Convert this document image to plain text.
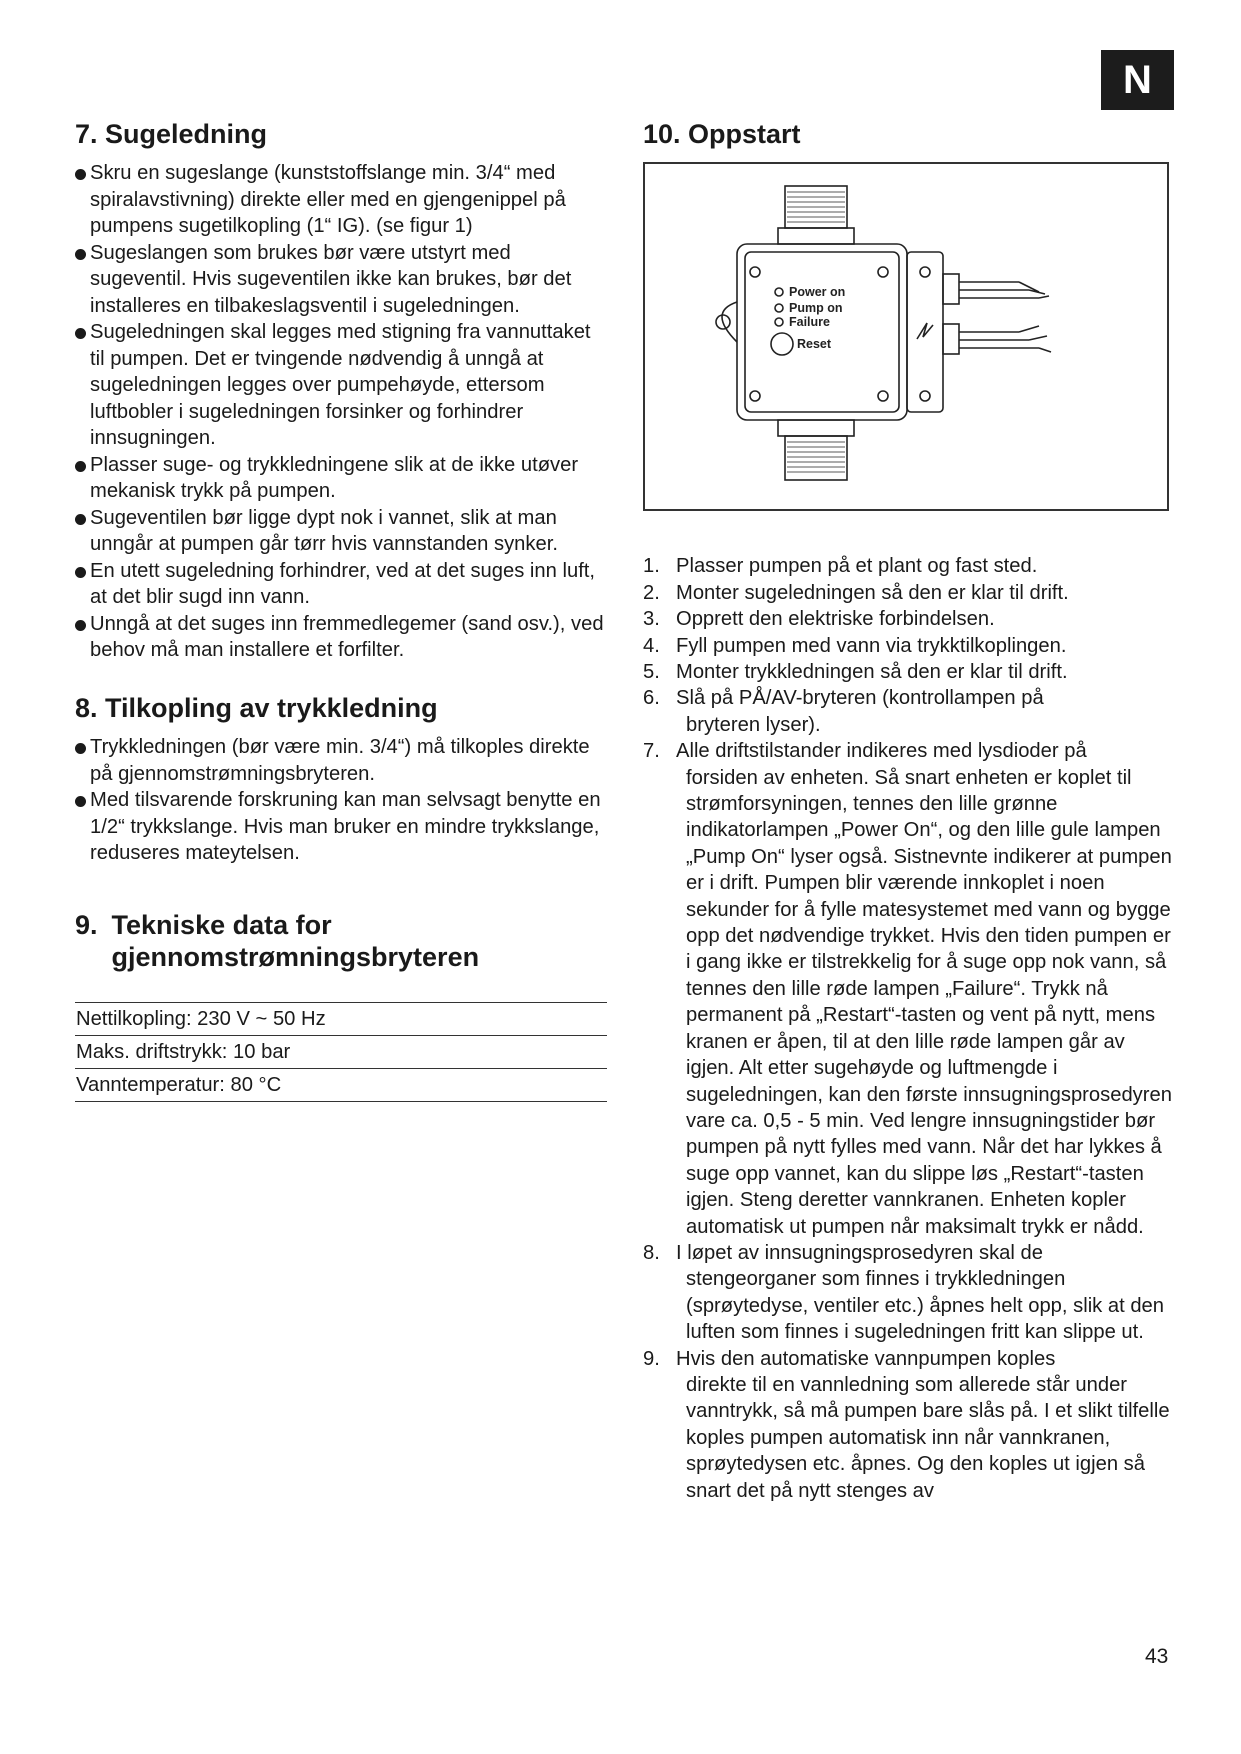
N
7. Sugeledning

Skru en sugeslange (kunststoffslange min. 3/4“ med spiralavstivning) direkte eller med en gjengenippel på pumpens sugetilkopling (1“ IG). (se figur 1)

Sugeslangen som brukes bør være utstyrt med sugeventil. Hvis sugeventilen ikke kan brukes, bør det installeres en tilbakeslagsventil i sugeledningen.

Sugeledningen skal legges med stigning fra vannuttaket til pumpen. Det er tvingende nødvendig å unngå at sugeledningen legges over pumpehøyde, ettersom luftbobler i sugeledningen forsinker og forhindrer innsugningen.

Plasser suge- og trykkledningene slik at de ikke utøver mekanisk trykk på pumpen.

Sugeventilen bør ligge dypt nok i vannet, slik at man unngår at pumpen går tørr hvis vannstanden synker.

En utett sugeledning forhindrer, ved at det suges inn luft, at det blir sugd inn vann.

Unngå at det suges inn fremmedlegemer (sand osv.), ved behov må man installere et forfilter.

8. Tilkopling av trykkledning

Trykkledningen (bør være min. 3/4“) må tilkoples direkte på gjennomstrømningsbryteren.

Med tilsvarende forskruning kan man selvsagt benytte en 1/2“ trykkslange. Hvis man bruker en mindre trykkslange, reduseres mateytelsen.

9. Tekniske data for gjennomstrømningsbryteren
Nettilkopling: 230 V ~ 50 Hz
Maks. driftstrykk: 10 bar
Vanntemperatur: 80 °C
10. Oppstart
Power on
Pump on
Failure
Reset
1. Plasser pumpen på et plant og fast sted.
2. Monter sugeledningen så den er klar til drift.
3. Opprett den elektriske forbindelsen.
4. Fyll pumpen med vann via trykktilkoplingen.
5. Monter trykkledningen så den er klar til drift.
6. Slå på PÅ/AV-bryteren (kontrollampen på
bryteren lyser).
7. Alle driftstilstander indikeres med lysdioder på
forsiden av enheten. Så snart enheten er koplet til strømforsyningen, tennes den lille grønne indikatorlampen „Power On“, og den lille gule lampen „Pump On“ lyser også. Sistnevnte indikerer at pumpen er i drift. Pumpen blir værende innkoplet i noen sekunder for å fylle matesystemet med vann og bygge opp det nødvendige trykket. Hvis den tiden pumpen er i gang ikke er tilstrekkelig for å suge opp nok vann, så tennes den lille røde lampen „Failure“. Trykk nå permanent på „Restart“-tasten og vent på nytt, mens kranen er åpen, til at den lille røde lampen går av igjen. Alt etter sugehøyde og luftmengde i sugeledningen, kan den første innsugningsprosedyren vare ca. 0,5 - 5 min. Ved lengre innsugningstider bør pumpen på nytt fylles med vann. Når det har lykkes å suge opp vannet, kan du slippe løs „Restart“-tasten igjen. Steng deretter vannkranen. Enheten kopler automatisk ut pumpen når maksimalt trykk er nådd.
8. I løpet av innsugningsprosedyren skal de
stengeorganer som finnes i trykkledningen (sprøytedyse, ventiler etc.) åpnes helt opp, slik at den luften som finnes i sugeledningen fritt kan slippe ut.
9. Hvis den automatiske vannpumpen koples
direkte til en vannledning som allerede står under vanntrykk, så må pumpen bare slås på. I et slikt tilfelle koples pumpen automatisk inn når vannkranen, sprøytedysen etc. åpnes. Og den koples ut igjen så snart det på nytt stenges av
43
